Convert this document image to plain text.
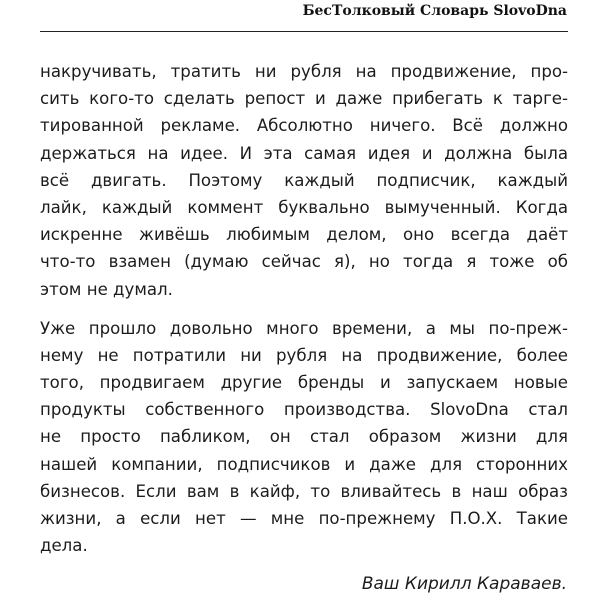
БесТолковый Словарь SlovoDna

накручивать, тратить ни рубля на продвижение, про-
сить кого-то сделать репост и даже прибегать к тарге-
тированной рекламе. Абсолютно ничего. Всё должно
держаться на идее. И эта самая идея и должна была
всё двигать. Поэтому каждый подписчик, каждый
лайк, каждый коммент буквально вымученный. Когда
искренне живёшь любимым делом, оно всегда даёт
что-то взамен (думаю сейчас я), но тогда я тоже об
этом не думал.

Уже прошло довольно много времени, а мы по-преж-
нему не потратили ни рубля на продвижение, более
того, продвигаем другие бренды и запускаем новые
продукты собственного производства. SlovoDna стал
не просто пабликом, он стал образом жизни для
нашей компании, подписчиков и даже для сторонних
бизнесов. Если вам в кайф, то вливайтесь в наш образ
жизни, а если нет — мне по-прежнему П.О.Х. Такие
дела.

Ваш Кирилл Караваев.
